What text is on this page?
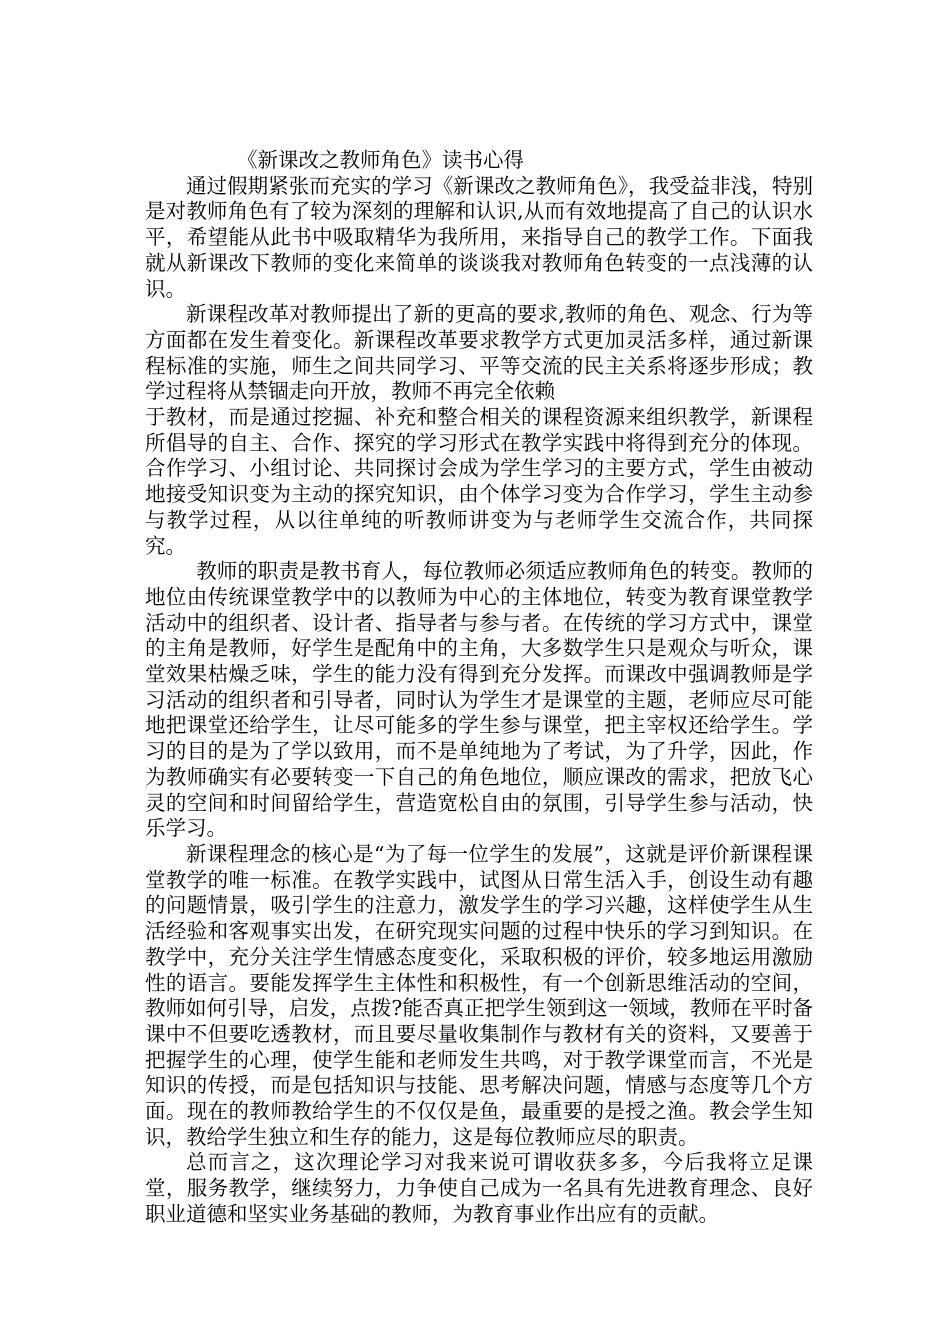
《新课改之教师角色》读书心得

通过假期紧张而充实的学习《新课改之教师角色》，我受益非浅，特别是对教师角色有了较为深刻的理解和认识,从而有效地提高了自己的认识水平，希望能从此书中吸取精华为我所用，来指导自己的教学工作。下面我就从新课改下教师的变化来简单的谈谈我对教师角色转变的一点浅薄的认识。

新课程改革对教师提出了新的更高的要求,教师的角色、观念、行为等方面都在发生着变化。新课程改革要求教学方式更加灵活多样，通过新课程标准的实施，师生之间共同学习、平等交流的民主关系将逐步形成；教学过程将从禁锢走向开放，教师不再完全依赖

于教材，而是通过挖掘、补充和整合相关的课程资源来组织教学，新课程所倡导的自主、合作、探究的学习形式在教学实践中将得到充分的体现。合作学习、小组讨论、共同探讨会成为学生学习的主要方式，学生由被动地接受知识变为主动的探究知识，由个体学习变为合作学习，学生主动参与教学过程，从以往单纯的听教师讲变为与老师学生交流合作，共同探究。

教师的职责是教书育人，每位教师必须适应教师角色的转变。教师的地位由传统课堂教学中的以教师为中心的主体地位，转变为教育课堂教学活动中的组织者、设计者、指导者与参与者。在传统的学习方式中，课堂的主角是教师，好学生是配角中的主角，大多数学生只是观众与听众，课堂效果枯燥乏味，学生的能力没有得到充分发挥。而课改中强调教师是学习活动的组织者和引导者，同时认为学生才是课堂的主题，老师应尽可能地把课堂还给学生，让尽可能多的学生参与课堂，把主宰权还给学生。学习的目的是为了学以致用，而不是单纯地为了考试，为了升学，因此，作为教师确实有必要转变一下自己的角色地位，顺应课改的需求，把放飞心灵的空间和时间留给学生，营造宽松自由的氛围，引导学生参与活动，快乐学习。

新课程理念的核心是“为了每一位学生的发展”，这就是评价新课程课堂教学的唯一标准。在教学实践中，试图从日常生活入手，创设生动有趣的问题情景，吸引学生的注意力，激发学生的学习兴趣，这样使学生从生活经验和客观事实出发，在研究现实问题的过程中快乐的学习到知识。在教学中，充分关注学生情感态度变化，采取积极的评价，较多地运用激励性的语言。要能发挥学生主体性和积极性，有一个创新思维活动的空间，教师如何引导，启发，点拨?能否真正把学生领到这一领域，教师在平时备课中不但要吃透教材，而且要尽量收集制作与教材有关的资料，又要善于把握学生的心理，使学生能和老师发生共鸣，对于教学课堂而言，不光是知识的传授，而是包括知识与技能、思考解决问题，情感与态度等几个方面。现在的教师教给学生的不仅仅是鱼，最重要的是授之渔。教会学生知识，教给学生独立和生存的能力，这是每位教师应尽的职责。

总而言之，这次理论学习对我来说可谓收获多多，今后我将立足课堂，服务教学，继续努力，力争使自己成为一名具有先进教育理念、良好职业道德和坚实业务基础的教师，为教育事业作出应有的贡献。
